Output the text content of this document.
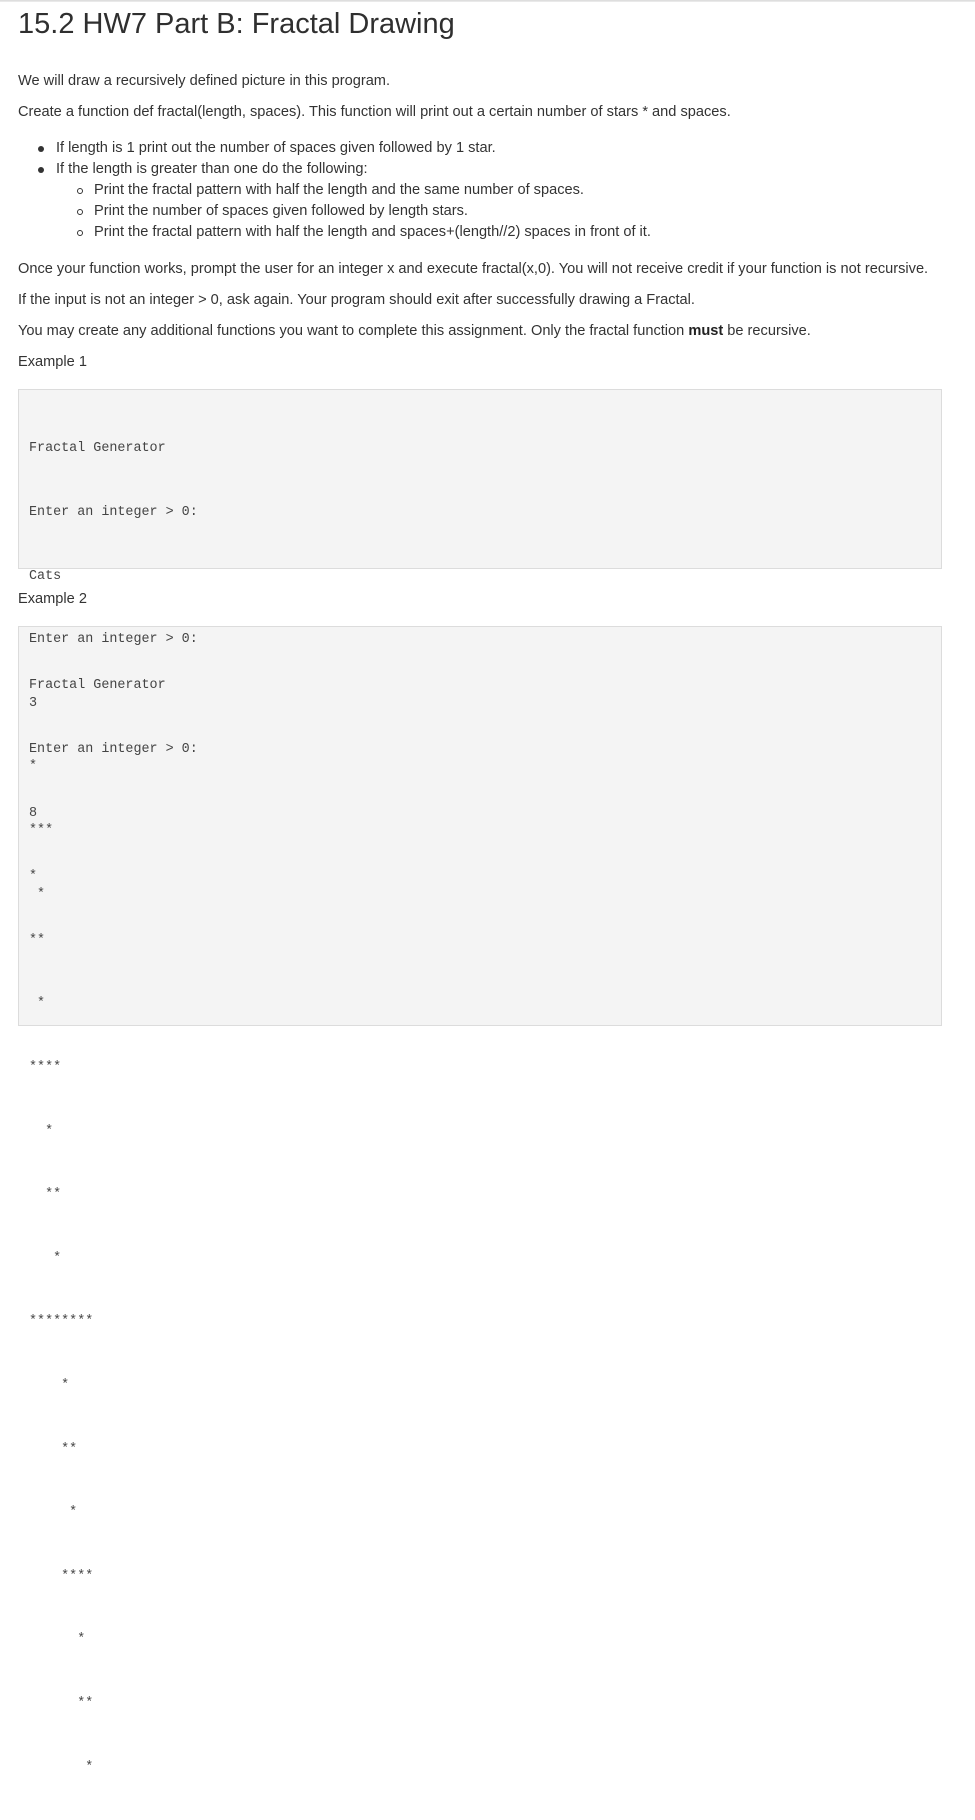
15.2 HW7 Part B: Fractal Drawing

We will draw a recursively defined picture in this program.

Create a function def fractal(length, spaces). This function will print out a certain number of stars * and spaces.

If length is 1 print out the number of spaces given followed by 1 star.
If the length is greater than one do the following:
Print the fractal pattern with half the length and the same number of spaces.
Print the number of spaces given followed by length stars.
Print the fractal pattern with half the length and spaces+(length//2) spaces in front of it.

Once your function works, prompt the user for an integer x and execute fractal(x,0). You will not receive credit if your function is not recursive.

If the input is not an integer > 0, ask again. Your program should exit after successfully drawing a Fractal.

You may create any additional functions you want to complete this assignment. Only the fractal function must be recursive.

Example 1

Fractal Generator

Enter an integer > 0:

Cats

Enter an integer > 0:

3

*

***

*

Example 2

Fractal Generator

Enter an integer > 0:

8

*

**

*

****

*

**

*

********

*

**

*

****

*

**

*
